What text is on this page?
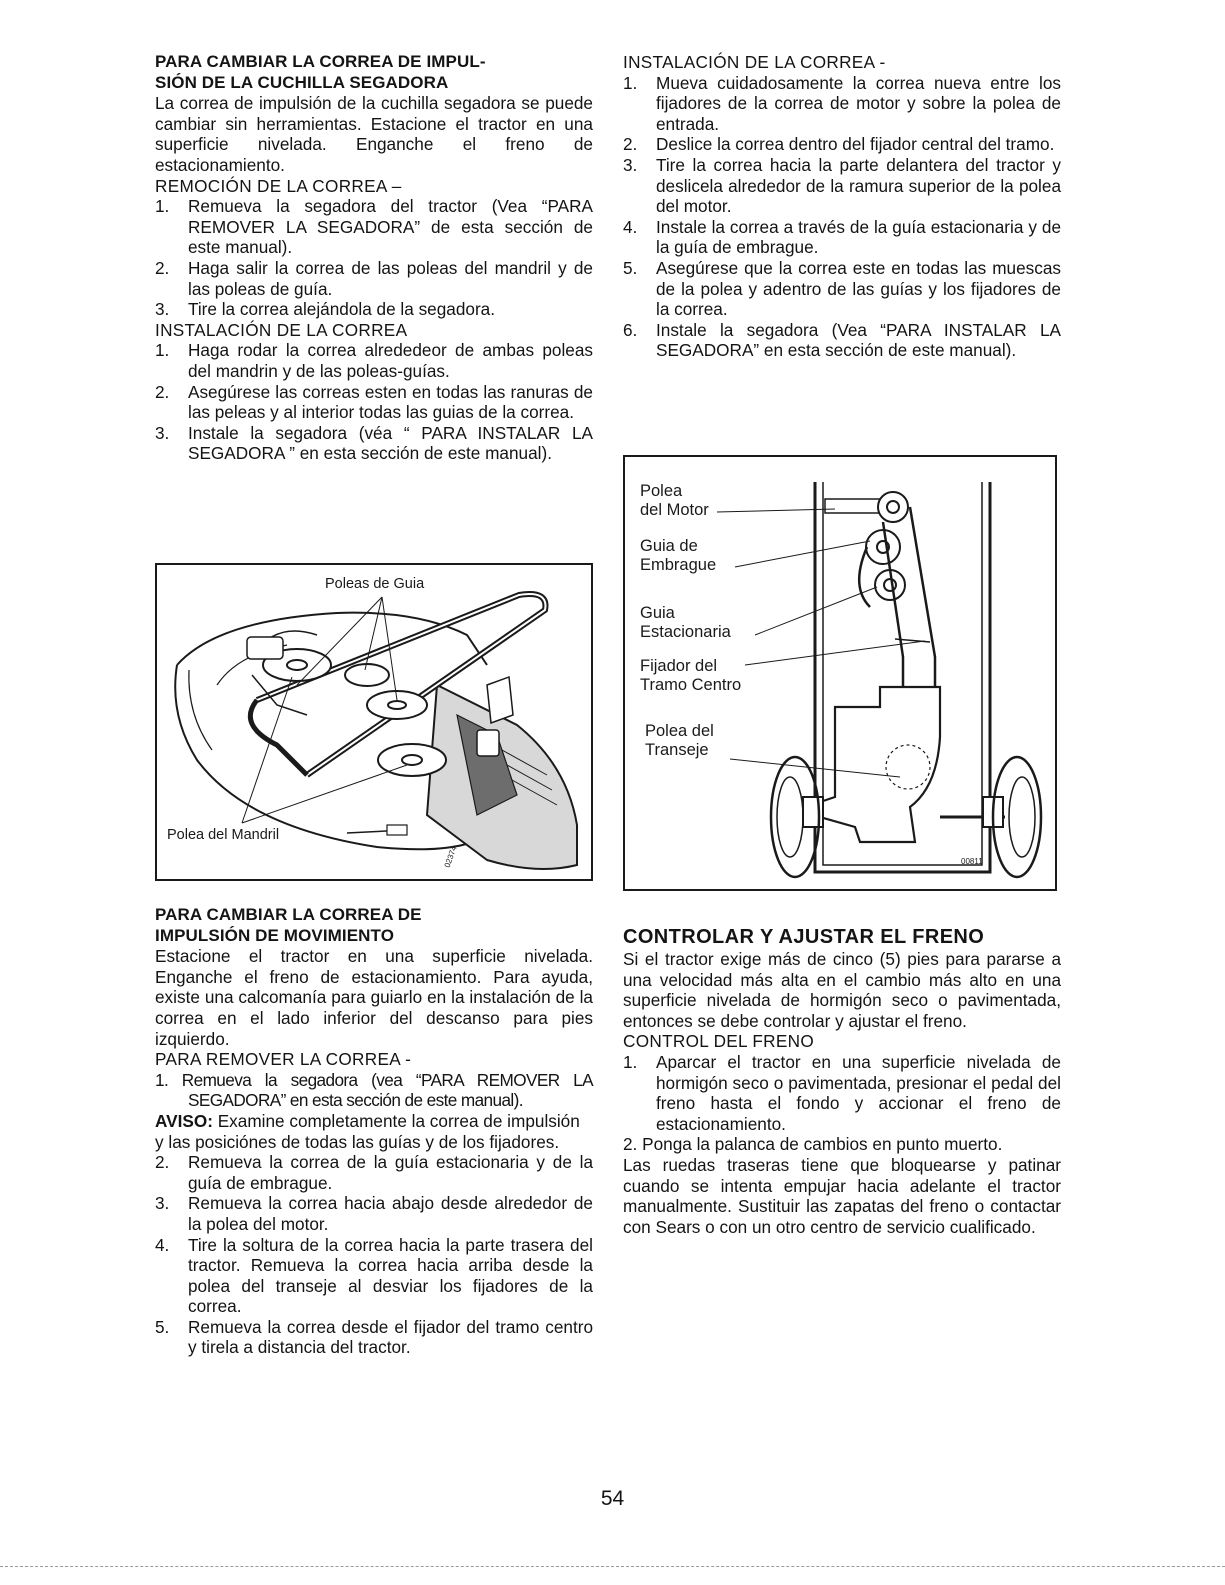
PARA CAMBIAR LA CORREA DE IMPUL-
SIÓN DE LA CUCHILLA SEGADORA

La correa de impulsión de la cuchilla segadora se puede cambiar sin herramientas. Estacione el tractor en una superficie nivelada. Enganche el freno de estacionamiento.

REMOCIÓN DE LA CORREA –
1. Remueva la segadora del tractor (Vea “PARA REMOVER LA SEGADORA” de esta sección de este manual).
2. Haga salir la correa de las poleas del mandril y de las poleas de guía.
3. Tire la correa alejándola de la segadora.
INSTALACIÓN DE LA CORREA
1. Haga rodar la correa alrededeor de ambas poleas del mandrin y de las poleas-guías.
2. Asegúrese las correas esten en todas las ranuras de las peleas y al interior todas las guias de la correa.
3. Instale la segadora (véa “ PARA INSTALAR LA SEGADORA ” en esta sección de este manual).
Poleas de Guia
Polea del Mandril
02374
PARA CAMBIAR LA CORREA DE
IMPULSIÓN DE MOVIMIENTO

Estacione el tractor en una superficie nivelada. Enganche el freno de estacionamiento. Para ayuda, existe una calcomanía para guiarlo en la instalación de la correa en el lado inferior del descanso para pies izquierdo.

PARA REMOVER LA CORREA -
1. Remueva la segadora (vea “PARA REMOVER LA SEGADORA” en esta sección de este manual).

AVISO: Examine completamente la correa de impulsión y las posiciónes de todas las guías y de los fijadores.

2. Remueva la correa de la guía estacionaria y de la guía de embrague.
3. Remueva la correa hacia abajo desde alrededor de la polea del motor.
4. Tire la soltura de la correa hacia la parte trasera del tractor. Remueva la correa hacia arriba desde la polea del transeje al desviar los fijadores de la correa.
5. Remueva la correa desde el fijador del tramo centro y tirela a distancia del tractor.
INSTALACIÓN DE LA CORREA -
1. Mueva cuidadosamente la correa nueva entre los fijadores de la correa de motor y sobre la polea de entrada.
2. Deslice la correa dentro del fijador central del tramo.
3. Tire la correa hacia la parte delantera del tractor y deslicela alrededor de la ramura superior de la polea del motor.
4. Instale la correa a través de la guía estacionaria y de la guía de embrague.
5. Asegúrese que la correa este en todas las muescas de la polea y adentro de las guías y los fijadores de la correa.
6. Instale la segadora (Vea “PARA INSTALAR LA SEGADORA” en esta sección de este manual).
Polea
del Motor
Guia de
Embrague
Guia
Estacionaria
Fijador del
Tramo Centro
Polea del
Transeje
00811
CONTROLAR Y AJUSTAR EL FRENO

Si el tractor exige más de cinco (5) pies para pararse a una velocidad más alta en el cambio más alto en una superficie nivelada de hormigón seco o pavimentada, entonces se debe controlar y ajustar el freno.

CONTROL DEL FRENO
1. Aparcar el tractor en una superficie nivelada de hormigón seco o pavimentada, presionar el pedal del freno hasta el fondo y accionar el freno de estacionamiento.
2. Ponga la palanca de cambios en punto muerto.

Las ruedas traseras tiene que bloquearse y patinar cuando se intenta empujar hacia adelante el tractor manualmente. Sustituir las zapatas del freno o contactar con Sears o con un otro centro de servicio cualificado.

54
